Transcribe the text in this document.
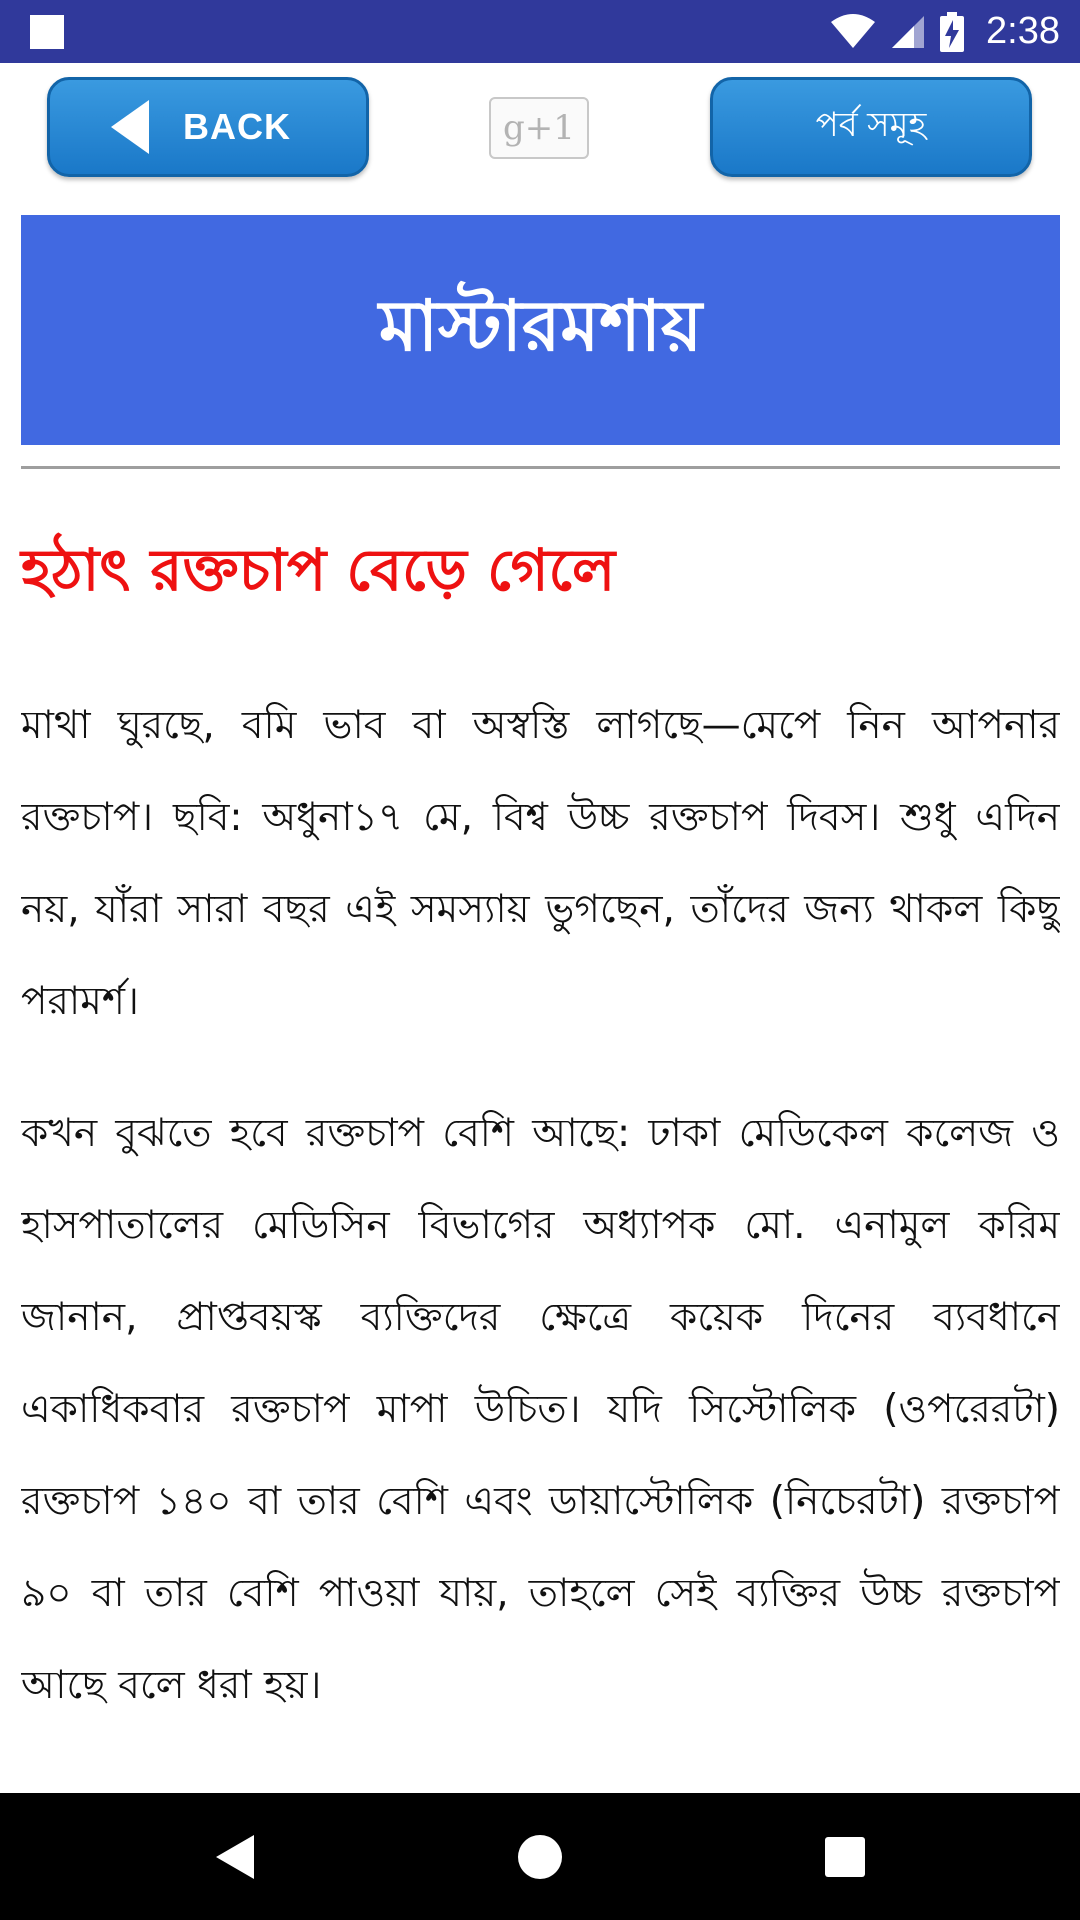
2:38
BACK	g+1	পর্ব সমূহ
মাস্টারমশায়
হঠাৎ রক্তচাপ বেড়ে গেলে

মাথা ঘুরছে, বমি ভাব বা অস্বস্তি লাগছে—মেপে নিন আপনার রক্তচাপ। ছবি: অধুনা১৭ মে, বিশ্ব উচ্চ রক্তচাপ দিবস। শুধু এদিন নয়, যাঁরা সারা বছর এই সমস্যায় ভুগছেন, তাঁদের জন্য থাকল কিছু পরামর্শ।

কখন বুঝতে হবে রক্তচাপ বেশি আছে: ঢাকা মেডিকেল কলেজ ও হাসপাতালের মেডিসিন বিভাগের অধ্যাপক মো. এনামুল করিম জানান, প্রাপ্তবয়স্ক ব্যক্তিদের ক্ষেত্রে কয়েক দিনের ব্যবধানে একাধিকবার রক্তচাপ মাপা উচিত। যদি সিস্টোলিক (ওপরেরটা) রক্তচাপ ১৪০ বা তার বেশি এবং ডায়াস্টোলিক (নিচেরটা) রক্তচাপ ৯০ বা তার বেশি পাওয়া যায়, তাহলে সেই ব্যক্তির উচ্চ রক্তচাপ আছে বলে ধরা হয়।
